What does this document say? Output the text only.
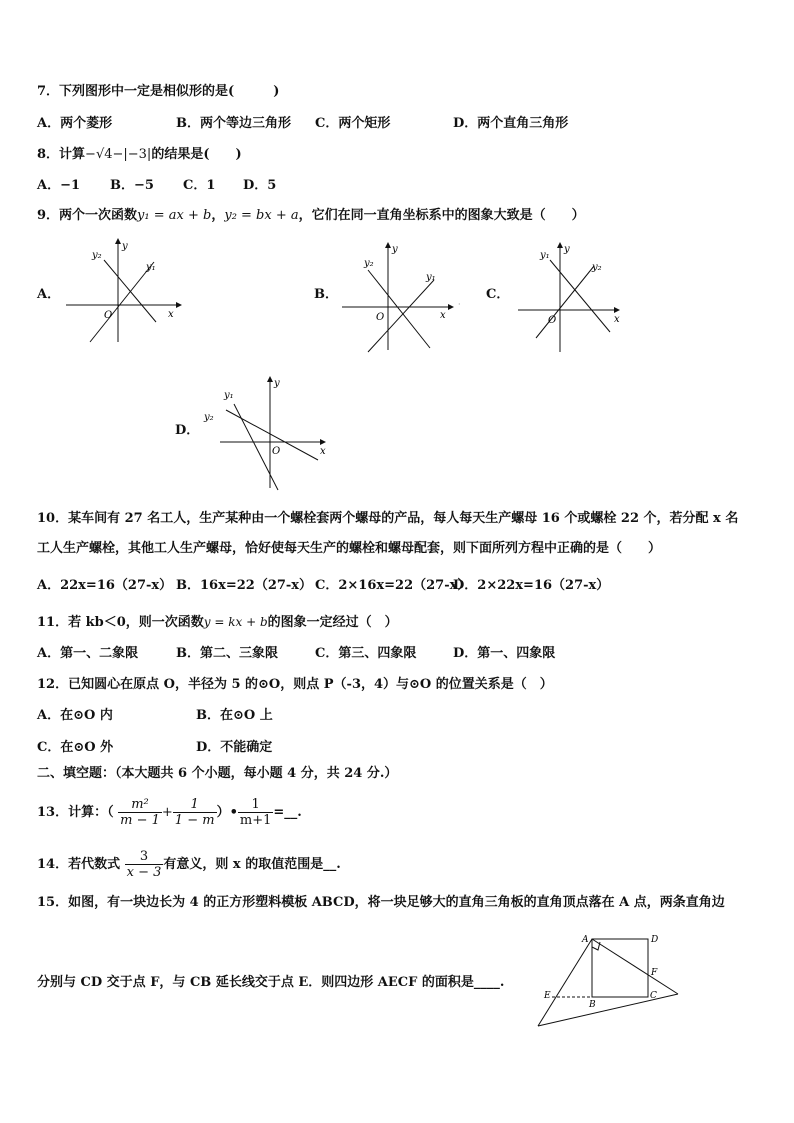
7．下列图形中一定是相似形的是(　　　)
A．两个菱形	B．两个等边三角形 C．两个矩形	D．两个直角三角形
8．计算−√4−|−3|的结果是(　　)
A．−1 B．−5 C．1 D．5
9．两个一次函数y₁ = ax + b，y₂ = bx + a，它们在同一直角坐标系中的图象大致是（　　）
A．	B．	C．
D．
x
y
O
y₂
y₁
x
y
O
y₂
y₁
·
x
y
O
y₁
y₂
x
y
O
y₁
y₂
10．某车间有 27 名工人，生产某种由一个螺栓套两个螺母的产品，每人每天生产螺母 16 个或螺栓 22 个，若分配 x 名
工人生产螺栓，其他工人生产螺母，恰好使每天生产的螺栓和螺母配套，则下面所列方程中正确的是（　　）
A．22x=16（27-x） B．16x=22（27-x） C．2×16x=22（27-x）
D．2×22x=16（27-x）
11．若 kb＜0，则一次函数y = kx + b的图象一定经过（　）
A．第一、二象限	B．第二、三象限	C．第三、四象限	D．第一、四象限
12．已知圆心在原点 O，半径为 5 的⊙O，则点 P（-3，4）与⊙O 的位置关系是（　）
A．在⊙O 内	B．在⊙O 上
C．在⊙O 外	D．不能确定
二、填空题：（本大题共 6 个小题，每小题 4 分，共 24 分.）
13．计算：（ $\frac{\text{m²}}{m - 1} + \frac{1}{1 - m}$ ）• $\frac{1}{m+1}$ =__.
14．若代数式 $\frac{3}{x - 3}$ 有意义，则 x 的取值范围是__.
15．如图，有一块边长为 4 的正方形塑料模板 ABCD，将一块足够大的直角三角板的直角顶点落在 A 点，两条直角边
分别与 CD 交于点 F，与 CB 延长线交于点 E．则四边形 AECF 的面积是____.
A	D
F
C
B
E
